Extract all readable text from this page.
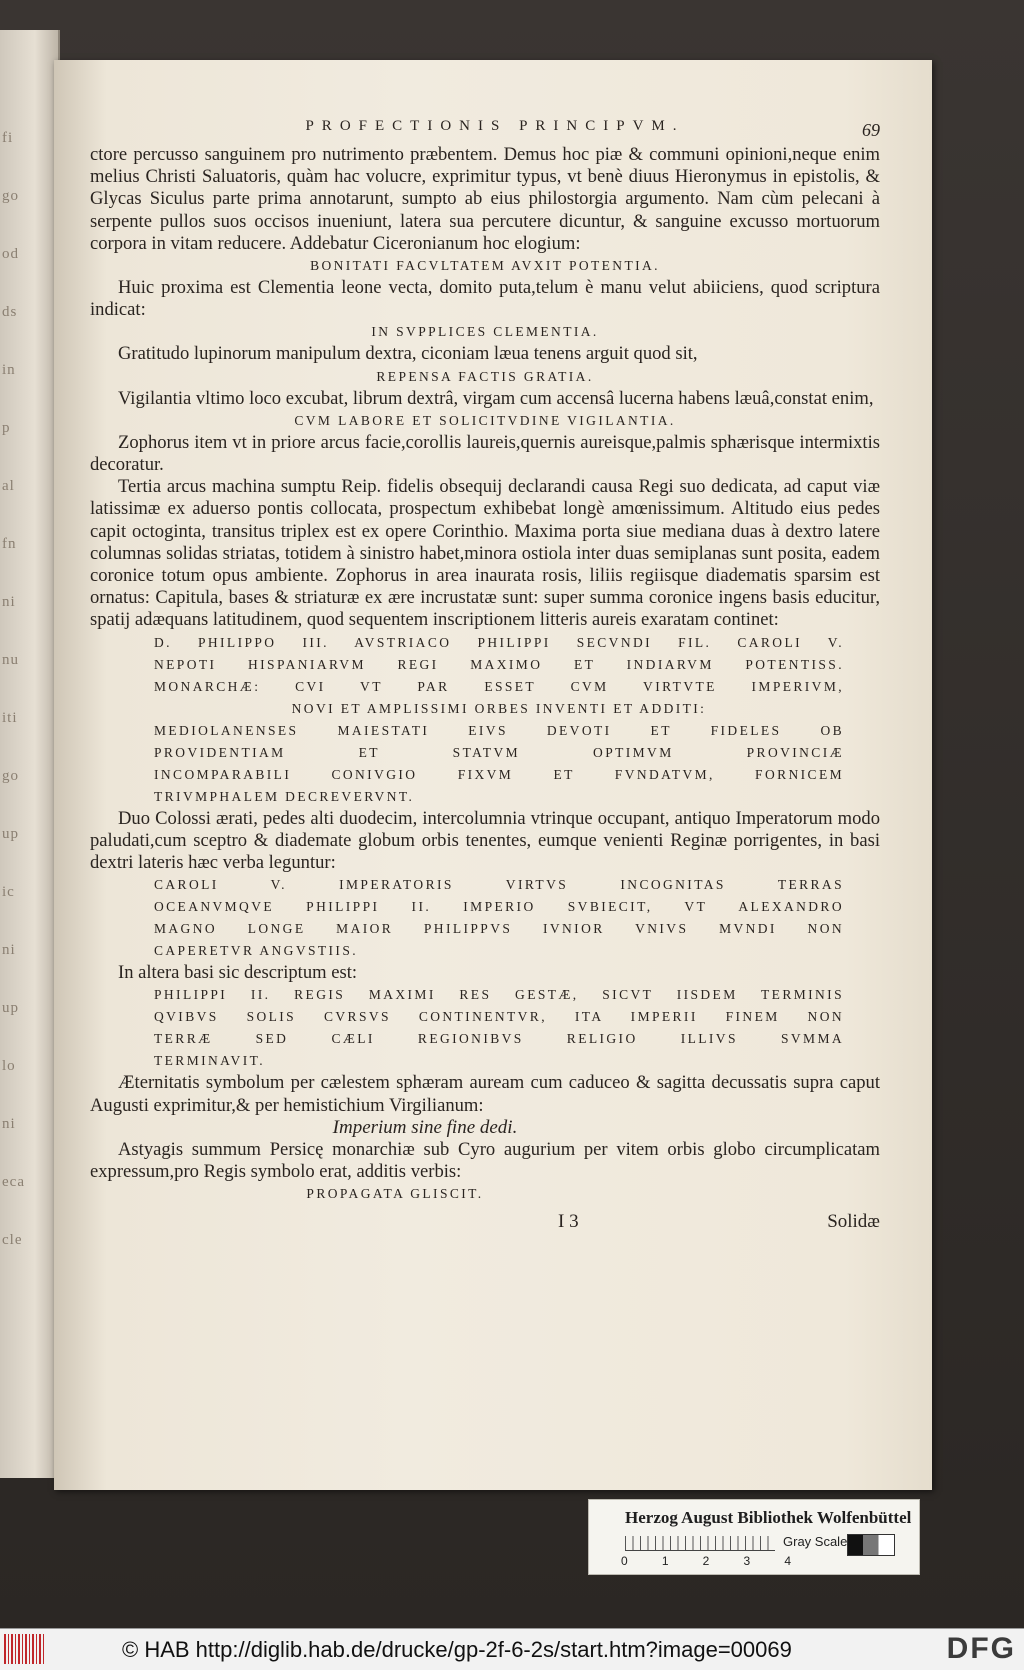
fi
go
od
ds
in
p
al
fn
ni
nu
iti
go
up
ic
ni
up
lo
ni
eca
cle
PROFECTIONIS PRINCIPVM.	69

ctore percusso sanguinem pro nutrimento præbentem. Demus hoc piæ & communi opinioni,neque enim melius Christi Saluatoris, quàm hac volucre, exprimitur typus, vt benè diuus Hieronymus in epistolis, & Glycas Siculus parte prima annotarunt, sumpto ab eius philostorgia argumento. Nam cùm pelecani à serpente pullos suos occisos inueniunt, latera sua percutere dicuntur, & sanguine excusso mortuorum corpora in vitam reducere. Addebatur Ciceronianum hoc elogium:

BONITATI FACVLTATEM AVXIT POTENTIA.

Huic proxima est Clementia leone vecta, domito puta,telum è manu velut abiiciens, quod scriptura indicat:

IN SVPPLICES CLEMENTIA.

Gratitudo lupinorum manipulum dextra, ciconiam læua tenens arguit quod sit,

REPENSA FACTIS GRATIA.

Vigilantia vltimo loco excubat, librum dextrâ, virgam cum accensâ lucerna habens læuâ,constat enim,

CVM LABORE ET SOLICITVDINE VIGILANTIA.

Zophorus item vt in priore arcus facie,corollis laureis,quernis aureisque,palmis sphærisque intermixtis decoratur.

Tertia arcus machina sumptu Reip. fidelis obsequij declarandi causa Regi suo dedicata, ad caput viæ latissimæ ex aduerso pontis collocata, prospectum exhibebat longè amœnissimum. Altitudo eius pedes capit octoginta, transitus triplex est ex opere Corinthio. Maxima porta siue mediana duas à dextro latere columnas solidas striatas, totidem à sinistro habet,minora ostiola inter duas semiplanas sunt posita, eadem coronice totum opus ambiente. Zophorus in area inaurata rosis, liliis regiisque diadematis sparsim est ornatus: Capitula, bases & striaturæ ex ære incrustatæ sunt: super summa coronice ingens basis educitur, spatij adæquans latitudinem, quod sequentem inscriptionem litteris aureis exaratam continet:

D. PHILIPPO III. AVSTRIACO PHILIPPI SECVNDI FIL. CAROLI V.

NEPOTI HISPANIARVM REGI MAXIMO ET INDIARVM POTENTISS.

MONARCHÆ: CVI VT PAR ESSET CVM VIRTVTE IMPERIVM,

NOVI ET AMPLISSIMI ORBES INVENTI ET ADDITI:

MEDIOLANENSES MAIESTATI EIVS DEVOTI ET FIDELES OB

PROVIDENTIAM ET STATVM OPTIMVM PROVINCIÆ

INCOMPARABILI CONIVGIO FIXVM ET FVNDATVM, FORNICEM

TRIVMPHALEM DECREVERVNT.

Duo Colossi ærati, pedes alti duodecim, intercolumnia vtrinque occupant, antiquo Imperatorum modo paludati,cum sceptro & diademate globum orbis tenentes, eumque venienti Reginæ porrigentes, in basi dextri lateris hæc verba leguntur:

CAROLI V. IMPERATORIS VIRTVS INCOGNITAS TERRAS

OCEANVMQVE PHILIPPI II. IMPERIO SVBIECIT, VT ALEXANDRO

MAGNO LONGE MAIOR PHILIPPVS IVNIOR VNIVS MVNDI NON

CAPERETVR ANGVSTIIS.

In altera basi sic descriptum est:

PHILIPPI II. REGIS MAXIMI RES GESTÆ, SICVT IISDEM TERMINIS

QVIBVS SOLIS CVRSVS CONTINENTVR, ITA IMPERII FINEM NON

TERRÆ SED CÆLI REGIONIBVS RELIGIO ILLIVS SVMMA

TERMINAVIT.

Æternitatis symbolum per cælestem sphæram auream cum caduceo & sagitta decussatis supra caput Augusti exprimitur,& per hemistichium Virgilianum:

Imperium sine fine dedi.

Astyagis summum Persicę monarchiæ sub Cyro augurium per vitem orbis globo circumplicatam expressum,pro Regis symbolo erat, additis verbis:

PROPAGATA GLISCIT.

I 3	Solidæ
Herzog August Bibliothek Wolfenbüttel
0	1	2	3	4
Gray Scale
© HAB http://diglib.hab.de/drucke/gp-2f-6-2s/start.htm?image=00069	DFG
